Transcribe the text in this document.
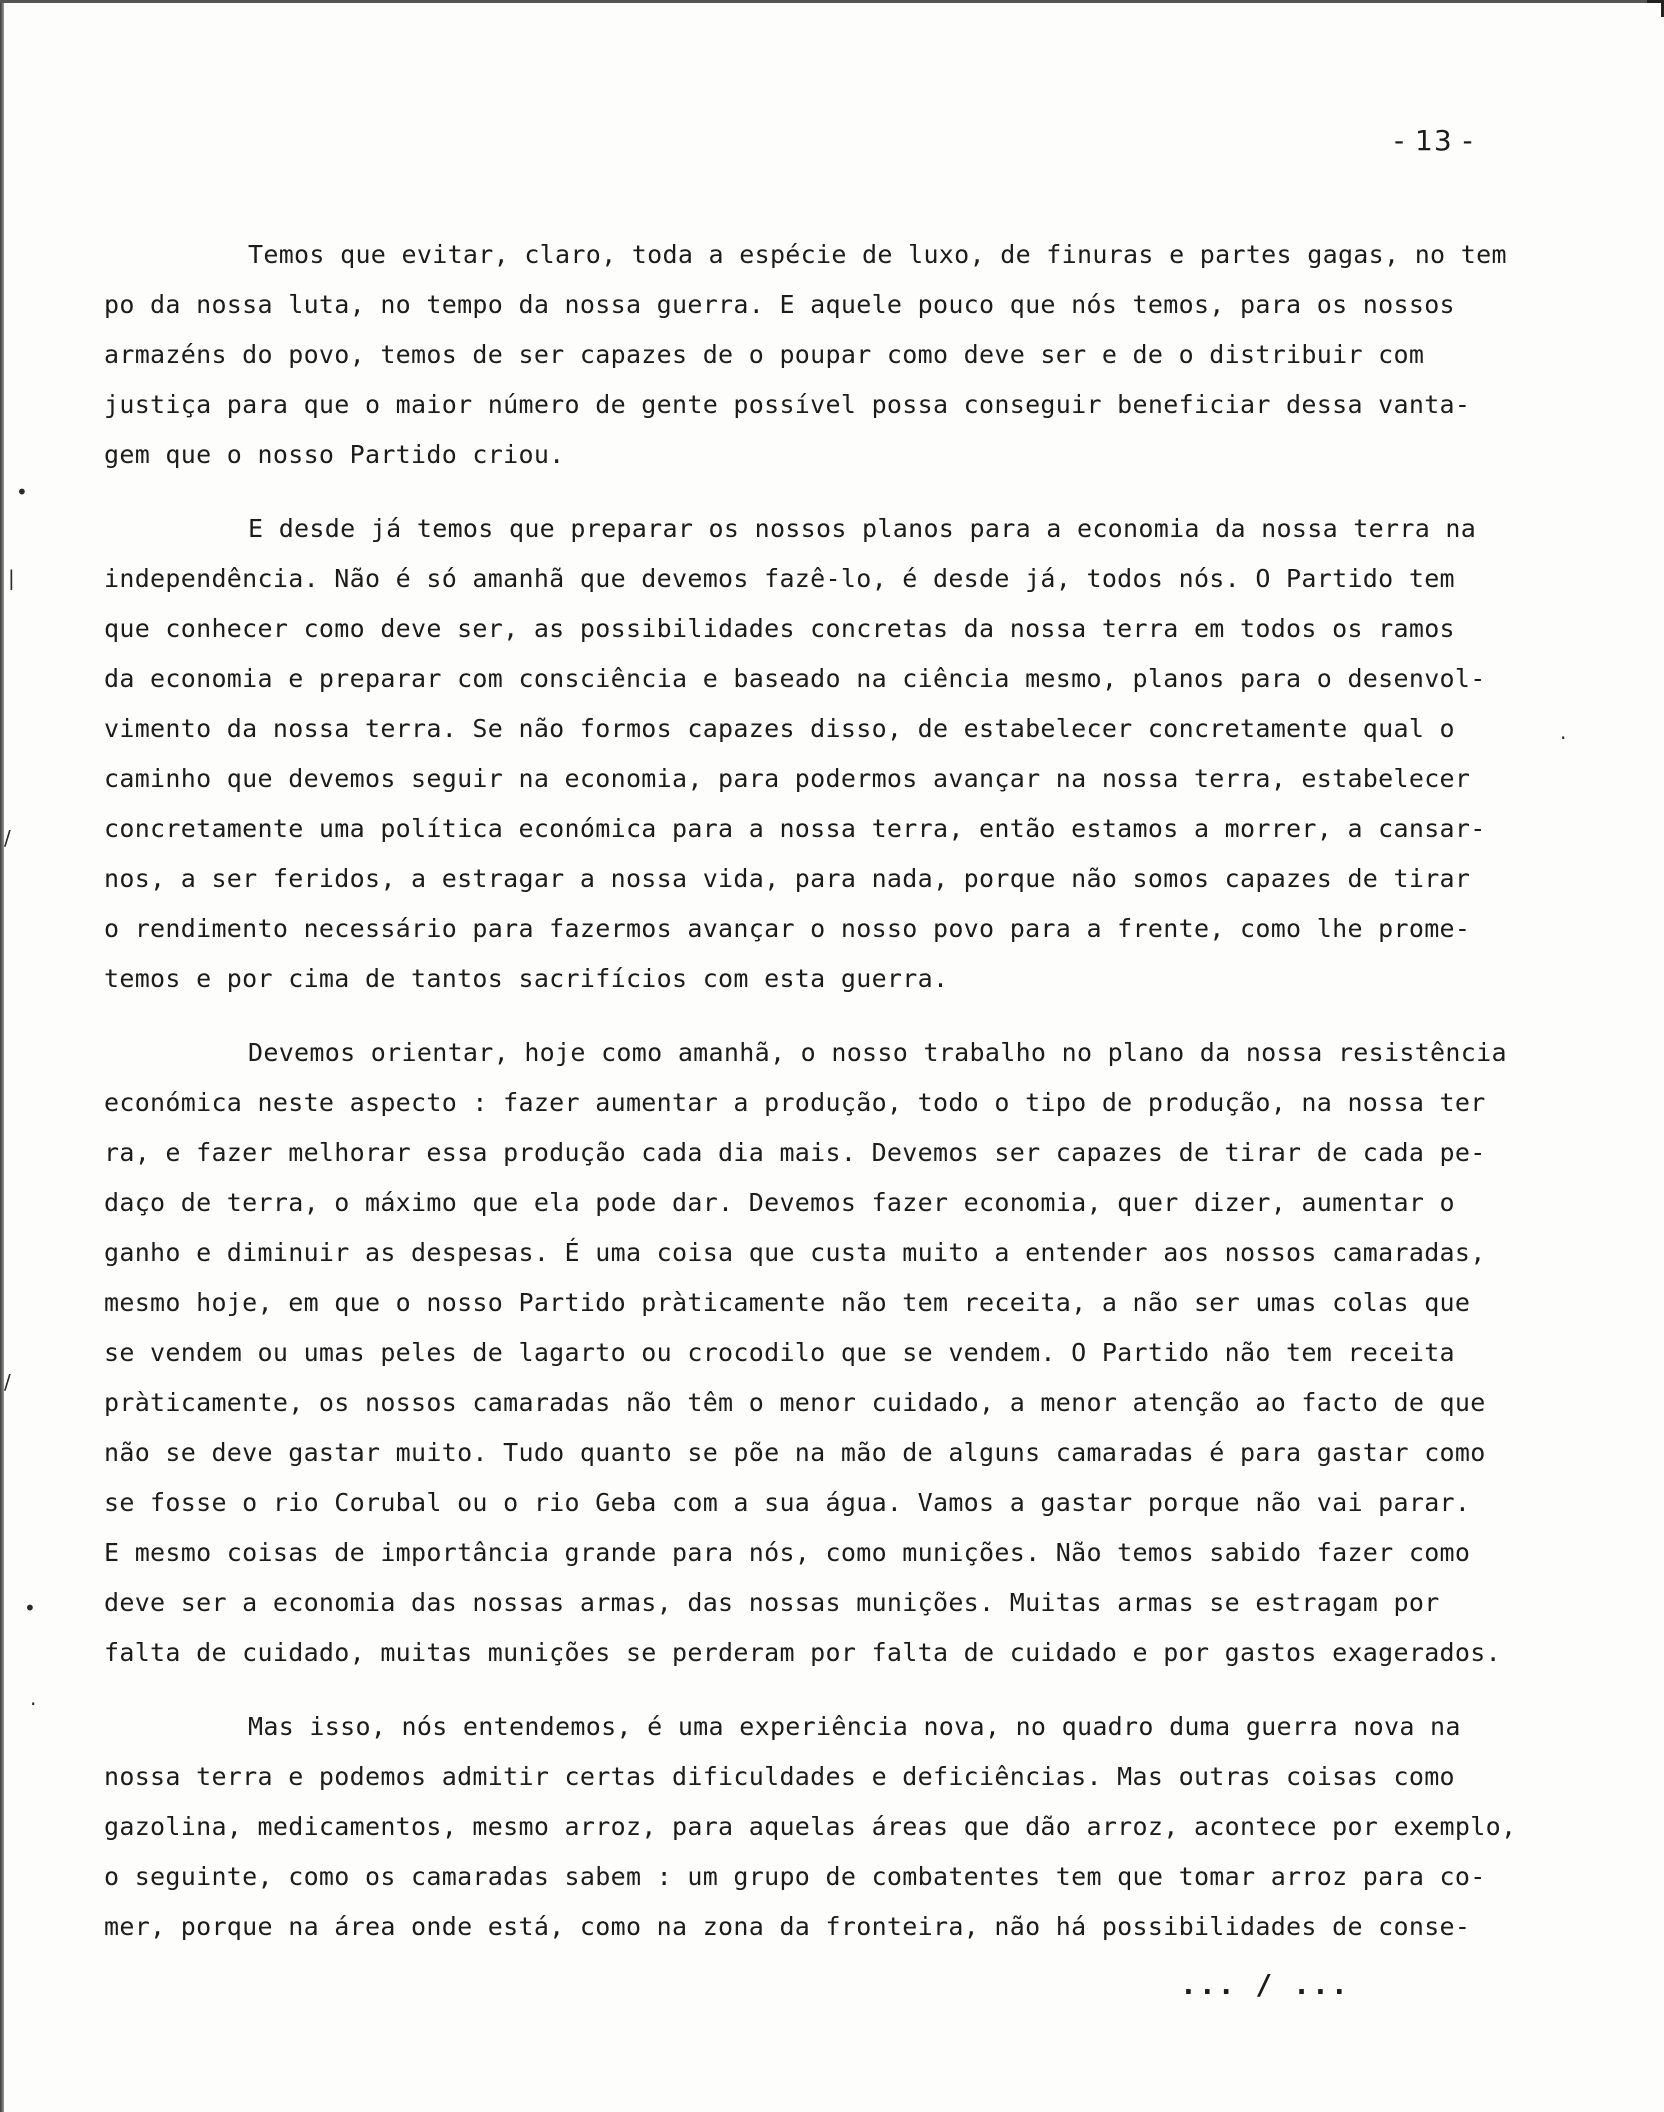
•
|
/
/
•
·
·
- 13 -
Temos que evitar, claro, toda a espécie de luxo, de finuras e partes gagas, no tem
po da nossa luta, no tempo da nossa guerra. E aquele pouco que nós temos, para os nossos
armazéns do povo, temos de ser capazes de o poupar como deve ser e de o distribuir com
justiça para que o maior número de gente possível possa conseguir beneficiar dessa vanta-
gem que o nosso Partido criou.
E desde já temos que preparar os nossos planos para a economia da nossa terra na
independência. Não é só amanhã que devemos fazê-lo, é desde já, todos nós. O Partido tem
que conhecer como deve ser, as possibilidades concretas da nossa terra em todos os ramos
da economia e preparar com consciência e baseado na ciência mesmo, planos para o desenvol-
vimento da nossa terra. Se não formos capazes disso, de estabelecer concretamente qual o
caminho que devemos seguir na economia, para podermos avançar na nossa terra, estabelecer
concretamente uma política económica para a nossa terra, então estamos a morrer, a cansar-
nos, a ser feridos, a estragar a nossa vida, para nada, porque não somos capazes de tirar
o rendimento necessário para fazermos avançar o nosso povo para a frente, como lhe prome-
temos e por cima de tantos sacrifícios com esta guerra.
Devemos orientar, hoje como amanhã, o nosso trabalho no plano da nossa resistência
económica neste aspecto : fazer aumentar a produção, todo o tipo de produção, na nossa ter
ra, e fazer melhorar essa produção cada dia mais. Devemos ser capazes de tirar de cada pe-
daço de terra, o máximo que ela pode dar. Devemos fazer economia, quer dizer, aumentar o
ganho e diminuir as despesas. É uma coisa que custa muito a entender aos nossos camaradas,
mesmo hoje, em que o nosso Partido pràticamente não tem receita, a não ser umas colas que
se vendem ou umas peles de lagarto ou crocodilo que se vendem. O Partido não tem receita
pràticamente, os nossos camaradas não têm o menor cuidado, a menor atenção ao facto de que
não se deve gastar muito. Tudo quanto se põe na mão de alguns camaradas é para gastar como
se fosse o rio Corubal ou o rio Geba com a sua água. Vamos a gastar porque não vai parar.
E mesmo coisas de importância grande para nós, como munições. Não temos sabido fazer como
deve ser a economia das nossas armas, das nossas munições. Muitas armas se estragam por
falta de cuidado, muitas munições se perderam por falta de cuidado e por gastos exagerados.
Mas isso, nós entendemos, é uma experiência nova, no quadro duma guerra nova na
nossa terra e podemos admitir certas dificuldades e deficiências. Mas outras coisas como
gazolina, medicamentos, mesmo arroz, para aquelas áreas que dão arroz, acontece por exemplo,
o seguinte, como os camaradas sabem : um grupo de combatentes tem que tomar arroz para co-
mer, porque na área onde está, como na zona da fronteira, não há possibilidades de conse-
... / ...
